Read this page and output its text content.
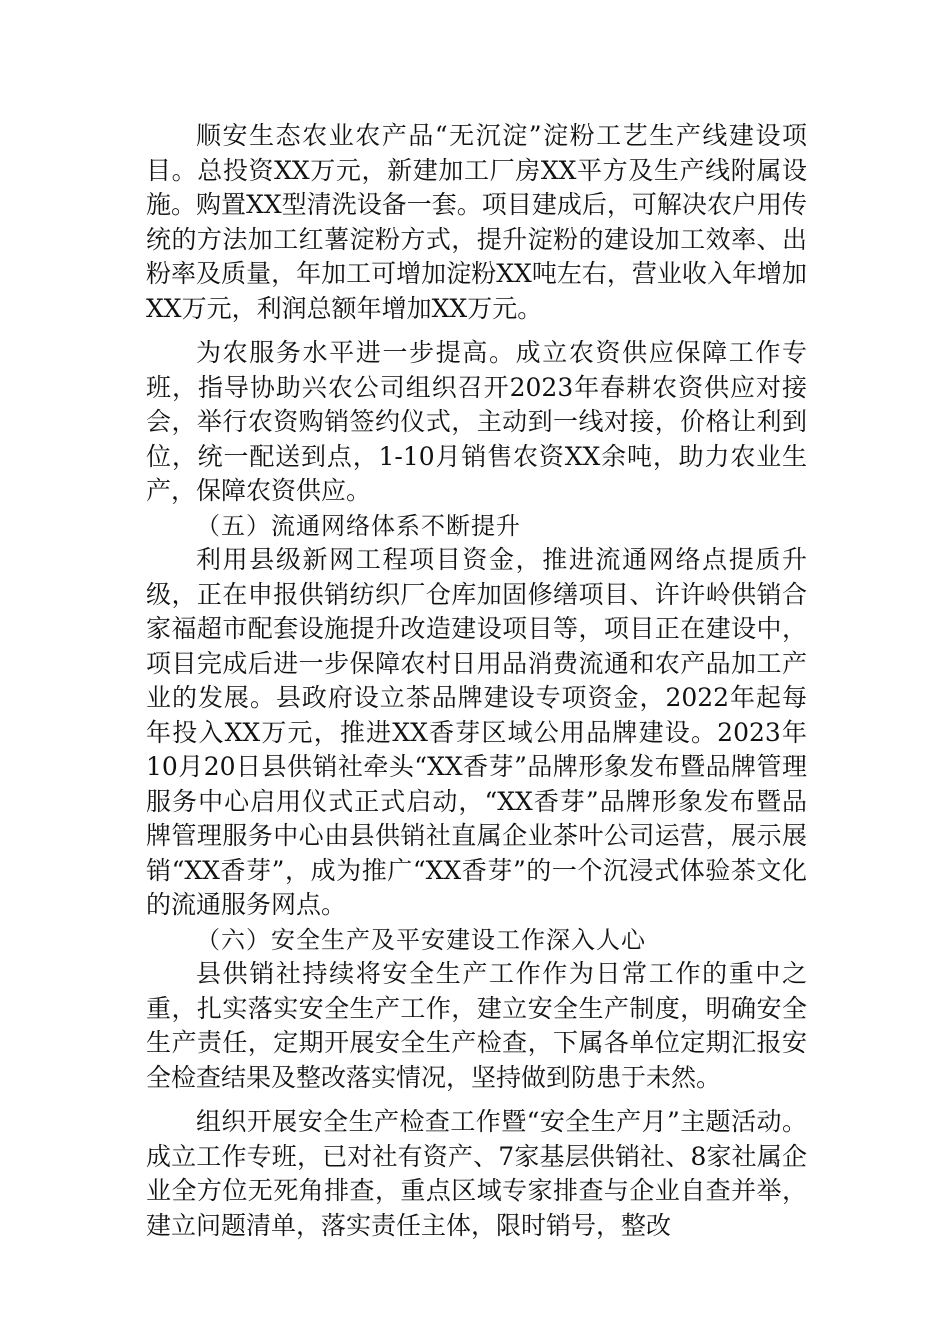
顺安生态农业农产品“无沉淀”淀粉工艺生产线建设项目。总投资XX万元，新建加工厂房XX平方及生产线附属设施。购置XX型清洗设备一套。项目建成后，可解决农户用传统的方法加工红薯淀粉方式，提升淀粉的建设加工效率、出粉率及质量，年加工可增加淀粉XX吨左右，营业收入年增加XX万元，利润总额年增加XX万元。

为农服务水平进一步提高。成立农资供应保障工作专班，指导协助兴农公司组织召开2023年春耕农资供应对接会，举行农资购销签约仪式，主动到一线对接，价格让利到位，统一配送到点，1-10月销售农资XX余吨，助力农业生产，保障农资供应。

（五）流通网络体系不断提升

利用县级新网工程项目资金，推进流通网络点提质升级，正在申报供销纺织厂仓库加固修缮项目、许许岭供销合家福超市配套设施提升改造建设项目等，项目正在建设中，项目完成后进一步保障农村日用品消费流通和农产品加工产业的发展。县政府设立茶品牌建设专项资金，2022年起每年投入XX万元，推进XX香芽区域公用品牌建设。2023年10月20日县供销社牵头“XX香芽”品牌形象发布暨品牌管理服务中心启用仪式正式启动，“XX香芽”品牌形象发布暨品牌管理服务中心由县供销社直属企业茶叶公司运营，展示展销“XX香芽”，成为推广“XX香芽”的一个沉浸式体验茶文化的流通服务网点。

（六）安全生产及平安建设工作深入人心

县供销社持续将安全生产工作作为日常工作的重中之重，扎实落实安全生产工作，建立安全生产制度，明确安全生产责任，定期开展安全生产检查，下属各单位定期汇报安全检查结果及整改落实情况，坚持做到防患于未然。

组织开展安全生产检查工作暨“安全生产月”主题活动。成立工作专班，已对社有资产、7家基层供销社、8家社属企业全方位无死角排查，重点区域专家排查与企业自查并举，建立问题清单，落实责任主体，限时销号，整改
